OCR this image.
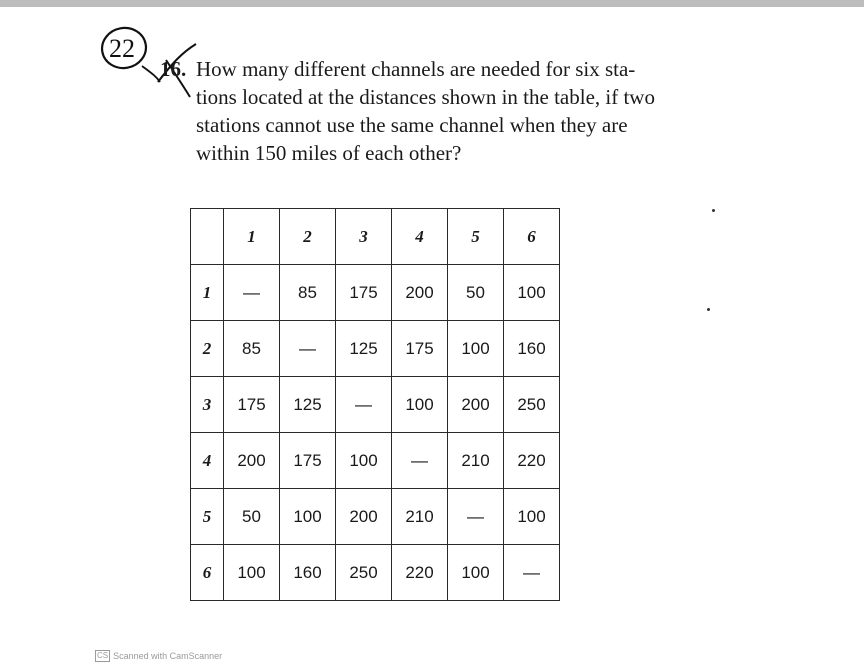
22
16. How many different channels are needed for six sta-
tions located at the distances shown in the table, if two
stations cannot use the same channel when they are
within 150 miles of each other?
	1	2	3	4	5	6
1	—	85	175	200	50	100
2	85	—	125	175	100	160
3	175	125	—	100	200	250
4	200	175	100	—	210	220
5	50	100	200	210	—	100
6	100	160	250	220	100	—
CS Scanned with CamScanner
